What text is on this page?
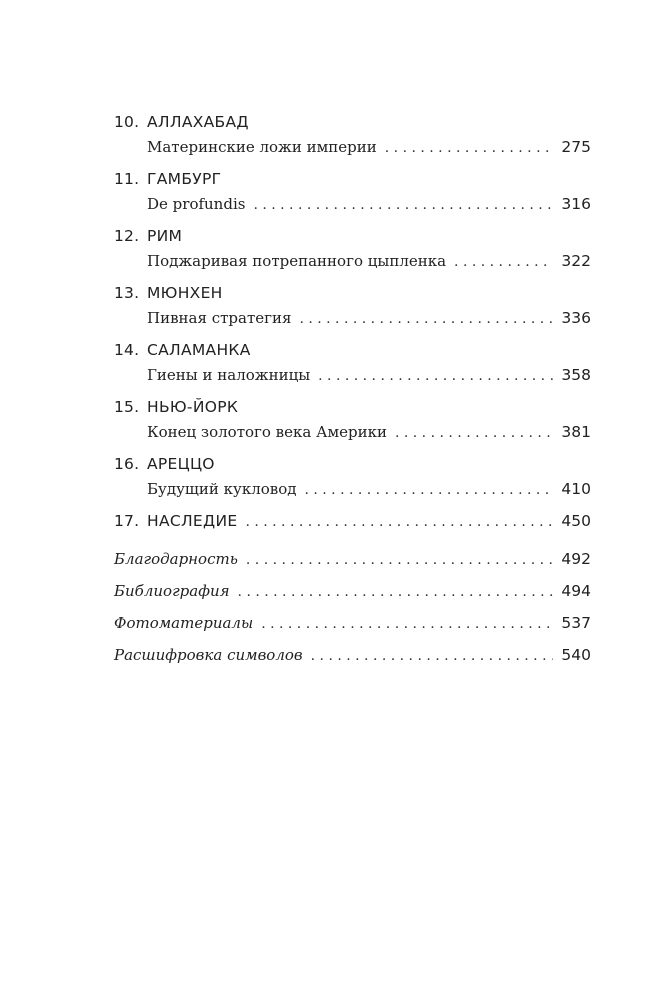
10. АЛЛАХАБАД
Материнские ложи империи . . .	275
11. ГАМБУРГ
De profundis . . .	316
12. РИМ
Поджаривая потрепанного цыпленка . . .	322
13. МЮНХЕН
Пивная стратегия . . .	336
14. САЛАМАНКА
Гиены и наложницы . . .	358
15. НЬЮ-ЙОРК
Конец золотого века Америки . . .	381
16. АРЕЦЦО
Будущий кукловод . . .	410
17. НАСЛЕДИЕ . . .	450
Благодарность . . .	492
Библиография . . .	494
Фотоматериалы . . .	537
Расшифровка символов . . .	540
